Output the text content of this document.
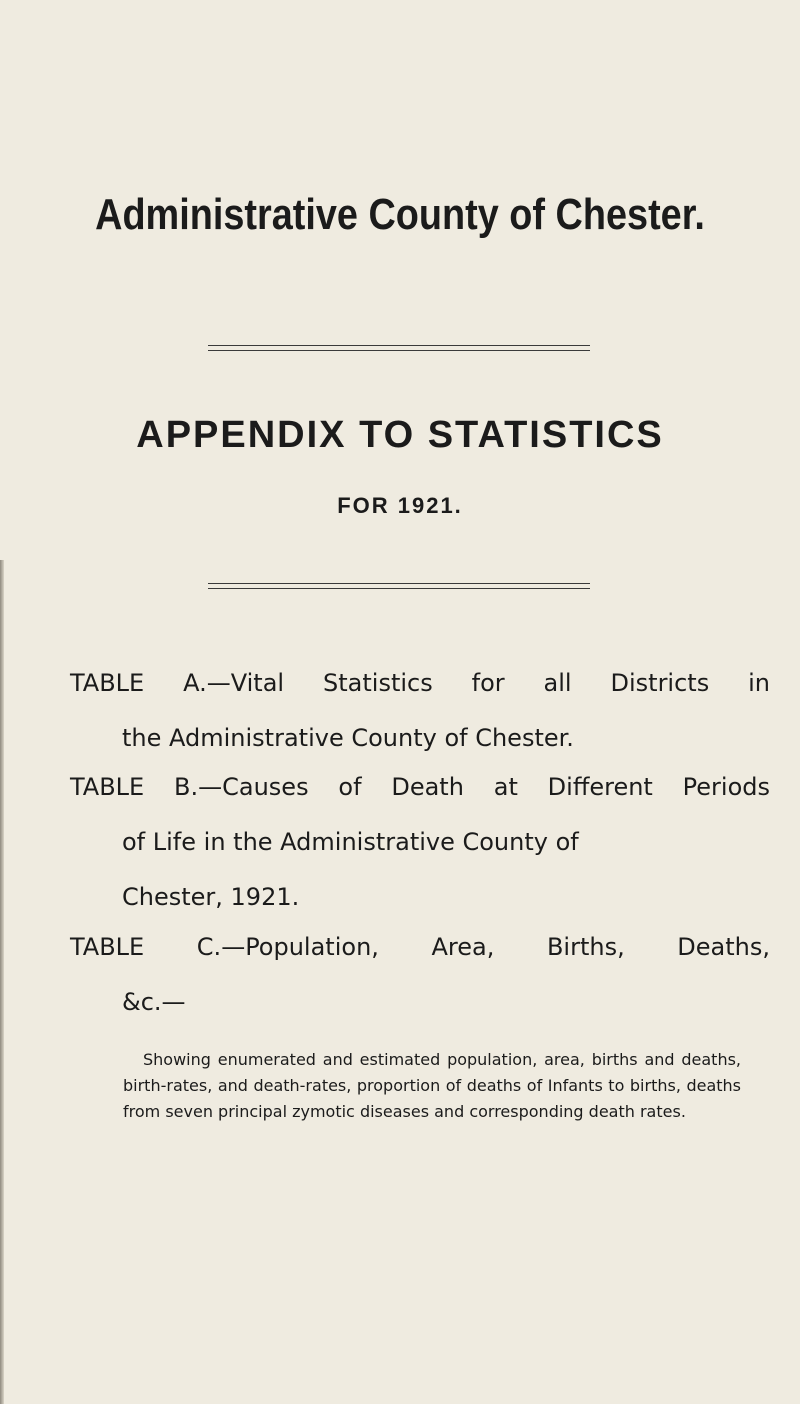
Administrative County of Chester.
APPENDIX TO STATISTICS
FOR 1921.
TABLE A.—Vital Statistics for all Districts in
the Administrative County of Chester.
TABLE B.—Causes of Death at Different Periods
of Life in the Administrative County of
Chester, 1921.
TABLE C.—Population, Area, Births, Deaths,
&c.—

Showing enumerated and estimated population, area, births and deaths, birth-rates, and death-rates, proportion of deaths of Infants to births, deaths from seven principal zymotic diseases and corresponding death rates.
